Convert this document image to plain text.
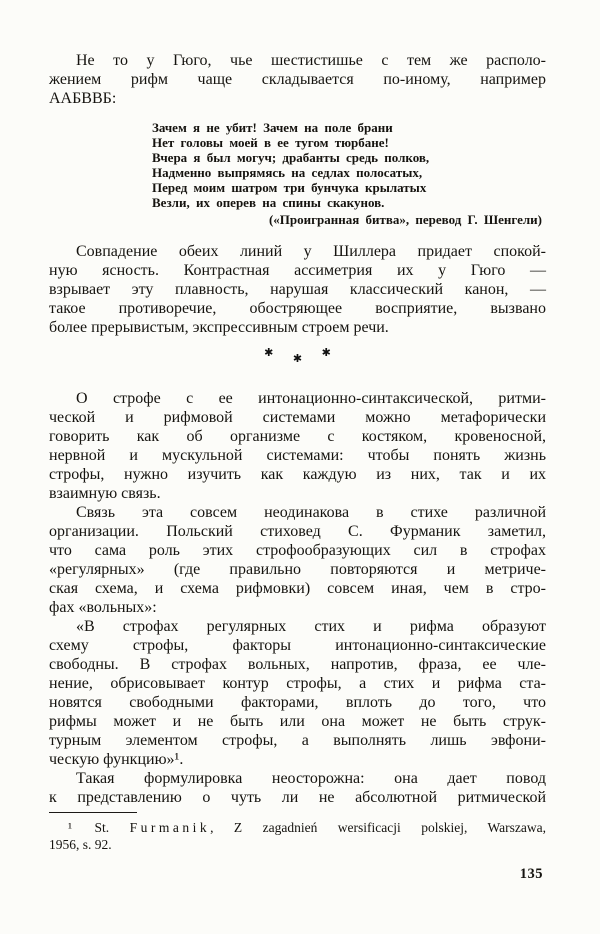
Не то у Гюго, чье шестистишье с тем же располо-
жением рифм чаще складывается по-иному, например
ААБВВБ:
Зачем я не убит! Зачем на поле брани
Нет головы моей в ее тугом тюрбане!
Вчера я был могуч; драбанты средь полков,
Надменно выпрямясь на седлах полосатых,
Перед моим шатром три бунчука крылатых
Везли, их оперев на спины скакунов.
(«Проигранная битва», перевод Г. Шенгели)
Совпадение обеих линий у Шиллера придает спокой-
ную ясность. Контрастная ассиметрия их у Гюго —
взрывает эту плавность, нарушая классический канон, —
такое противоречие, обостряющее восприятие, вызвано
более прерывистым, экспрессивным строем речи.
✱ ✱ ✱
О строфе с ее интонационно-синтаксической, ритми-
ческой и рифмовой системами можно метафорически
говорить как об организме с костяком, кровеносной,
нервной и мускульной системами: чтобы понять жизнь
строфы, нужно изучить как каждую из них, так и их
взаимную связь.
Связь эта совсем неодинакова в стихе различной
организации. Польский стиховед С. Фурманик заметил,
что сама роль этих строфообразующих сил в строфах
«регулярных» (где правильно повторяются и метриче-
ская схема, и схема рифмовки) совсем иная, чем в стро-
фах «вольных»:
«В строфах регулярных стих и рифма образуют
схему строфы, факторы интонационно-синтаксические
свободны. В строфах вольных, напротив, фраза, ее чле-
нение, обрисовывает контур строфы, а стих и рифма ста-
новятся свободными факторами, вплоть до того, что
рифмы может и не быть или она может не быть струк-
турным элементом строфы, а выполнять лишь эвфони-
ческую функцию»¹.
Такая формулировка неосторожна: она дает повод
к представлению о чуть ли не абсолютной ритмической
¹ St. Furmanik, Z zagadnień wersificacji polskiej, Warszawa,
1956, s. 92.
135
